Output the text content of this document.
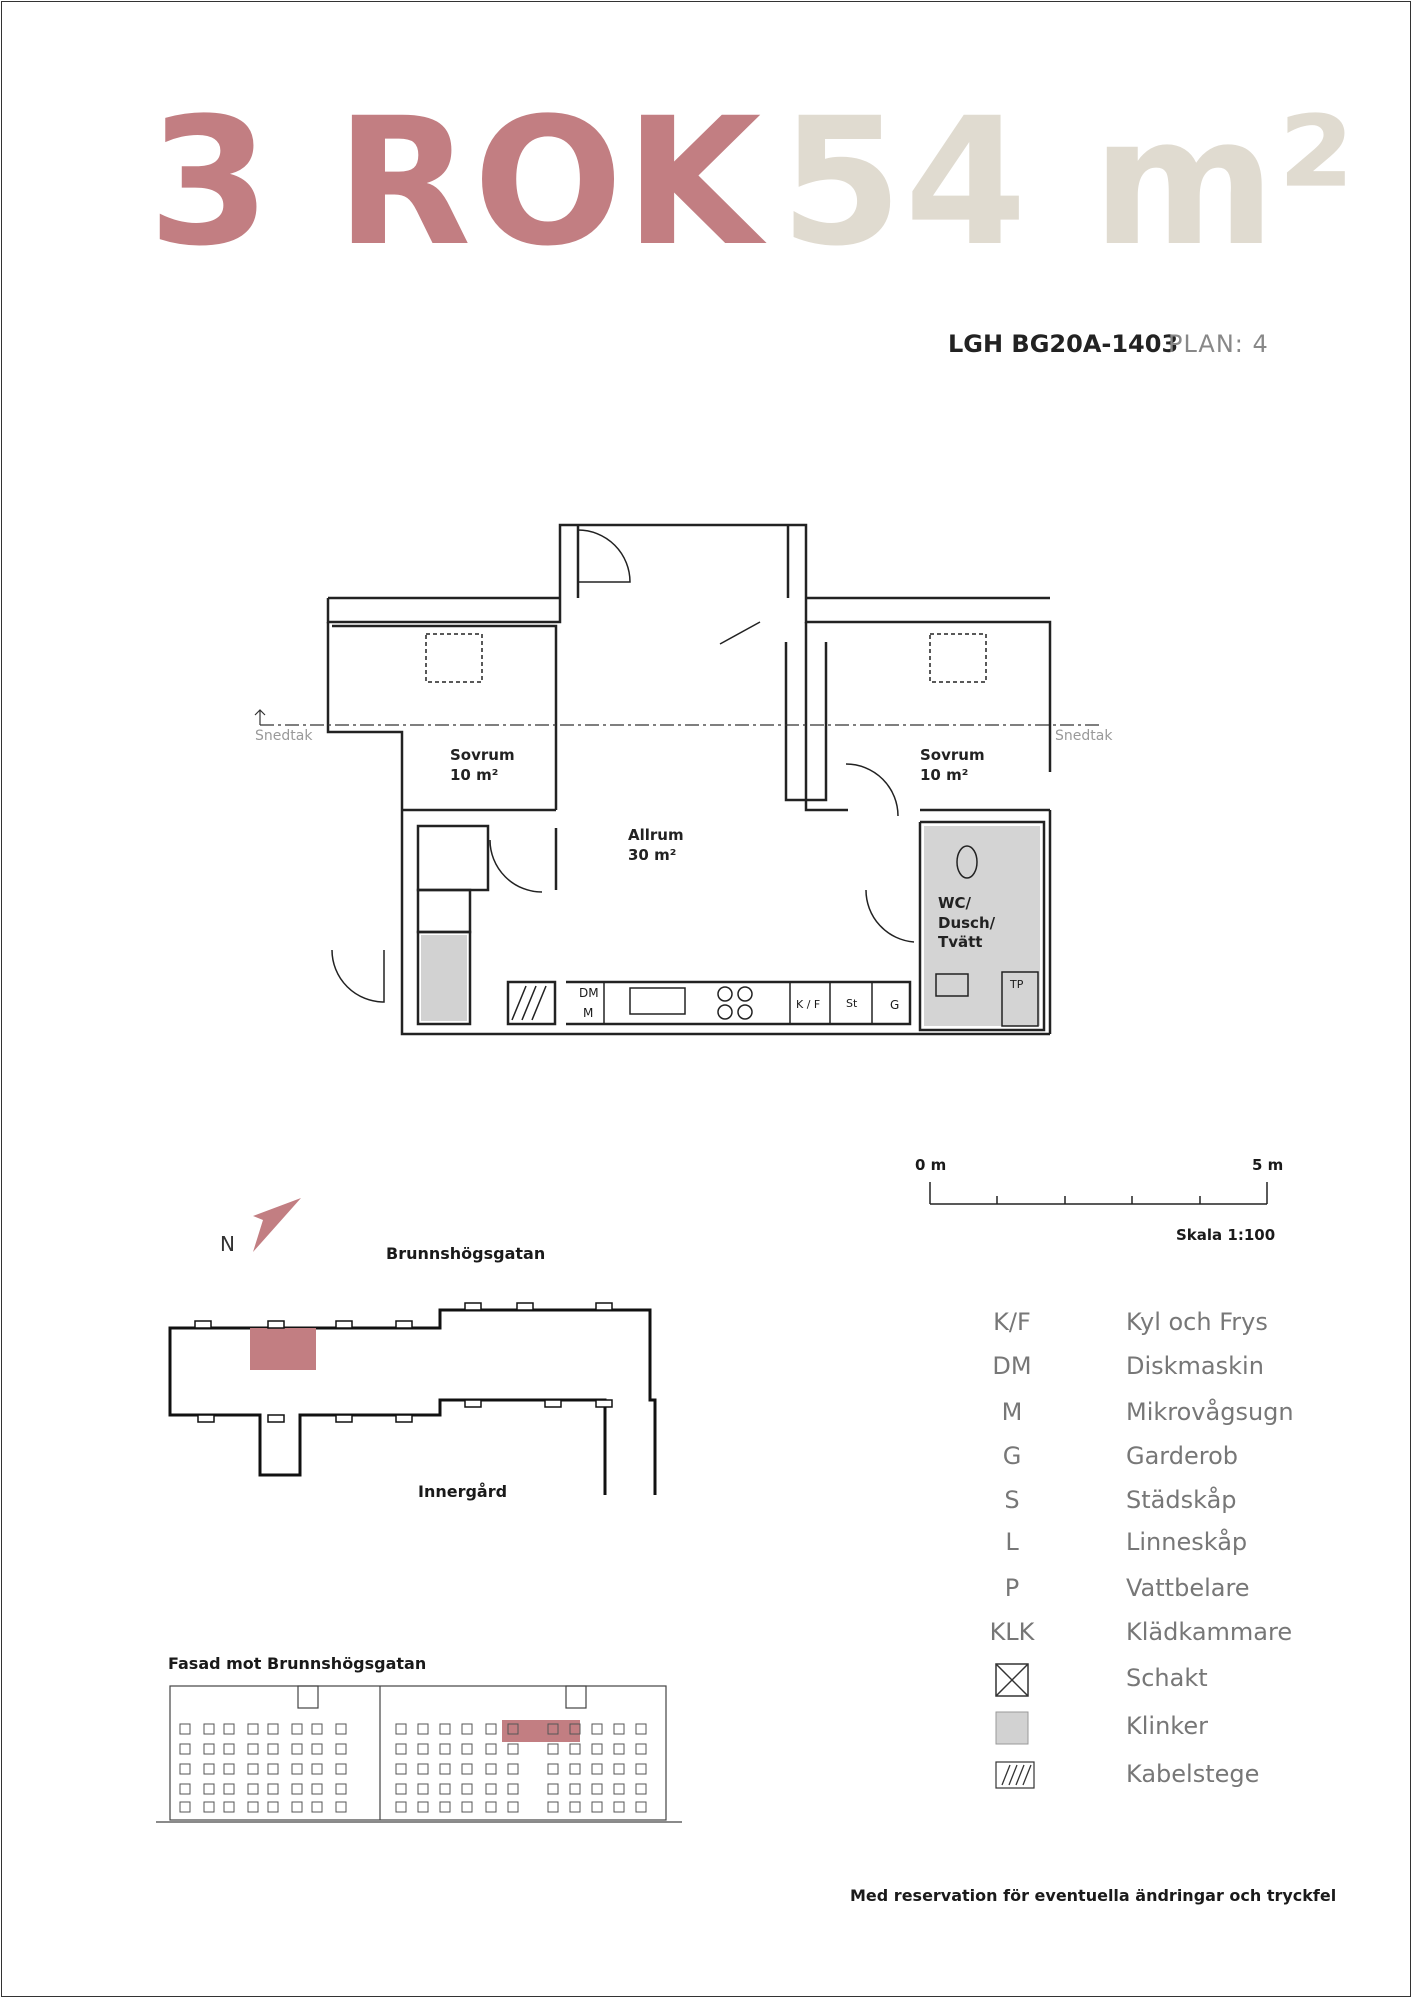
3 ROK 54 m²
LGH BG20A-1403
PLAN: 4
Sovrum
10 m²
Allrum
30 m²
Sovrum
10 m²
WC/
Dusch/
Tvätt
Snedtak	Snedtak
DM
M
K / F St	G
TP
0 m	5 m
Skala 1:100
N	Brunnshögsgatan
Innergård
Fasad mot Brunnshögsgatan
K/F	Kyl och Frys
DM	Diskmaskin
M	Mikrovågsugn
G	Garderob
S	Städskåp
L	Linneskåp
P	Vattbelare
KLK	Klädkammare
Schakt
Klinker
Kabelstege
Med reservation för eventuella ändringar och tryckfel
